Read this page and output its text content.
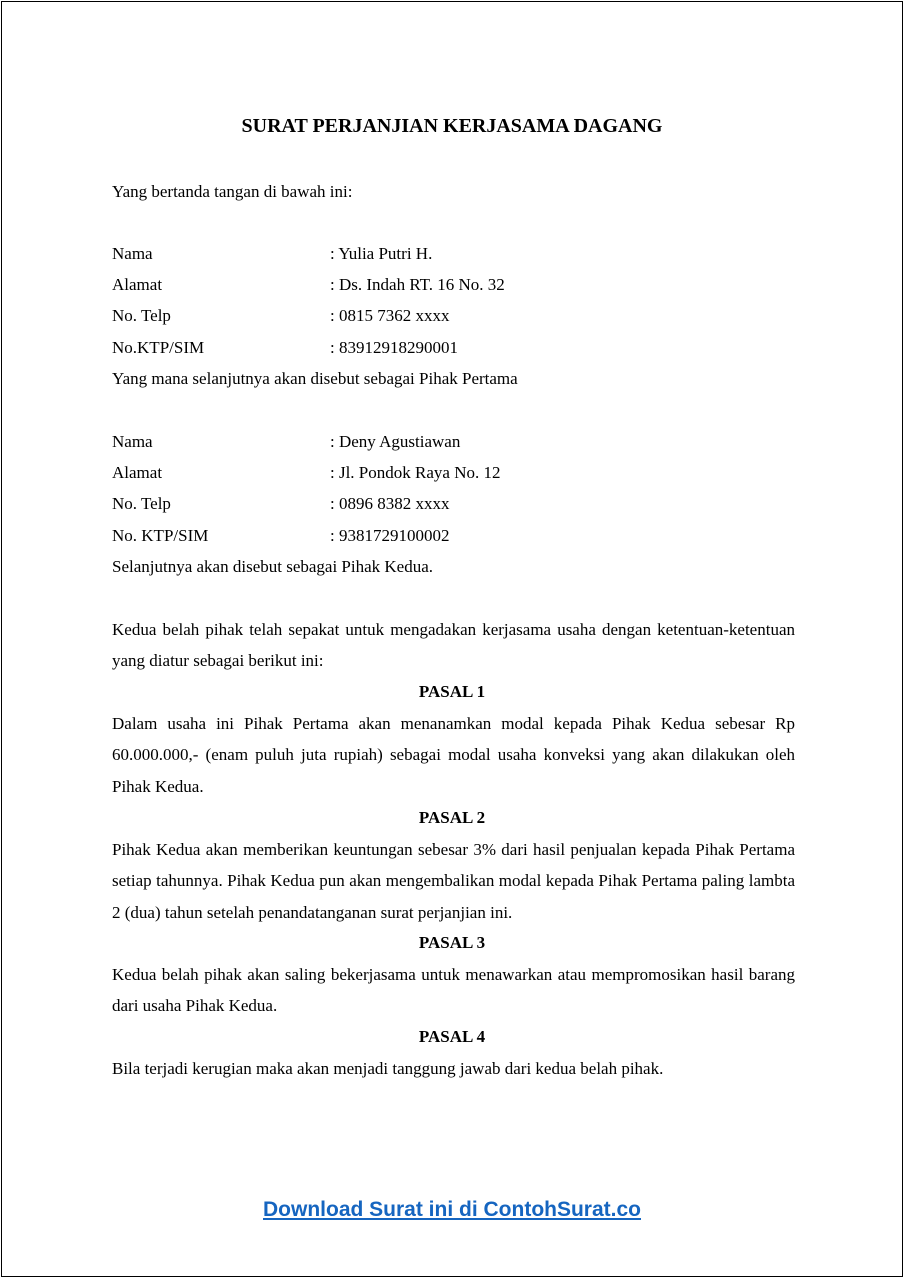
SURAT PERJANJIAN KERJASAMA DAGANG
Yang bertanda tangan di bawah ini:
Nama	: Yulia Putri H.
Alamat	: Ds. Indah RT. 16 No. 32
No. Telp	: 0815 7362 xxxx
No.KTP/SIM	: 83912918290001
Yang mana selanjutnya akan disebut sebagai Pihak Pertama
Nama	: Deny Agustiawan
Alamat	: Jl. Pondok Raya No. 12
No. Telp	: 0896 8382 xxxx
No. KTP/SIM	: 9381729100002
Selanjutnya akan disebut sebagai Pihak Kedua.
Kedua belah pihak telah sepakat untuk mengadakan kerjasama usaha dengan ketentuan-ketentuan yang diatur sebagai berikut ini:
PASAL 1
Dalam usaha ini Pihak Pertama akan menanamkan modal kepada Pihak Kedua sebesar Rp 60.000.000,- (enam puluh juta rupiah) sebagai modal usaha konveksi yang akan dilakukan oleh Pihak Kedua.
PASAL 2
Pihak Kedua akan memberikan keuntungan sebesar 3% dari hasil penjualan kepada Pihak Pertama setiap tahunnya. Pihak Kedua pun akan mengembalikan modal kepada Pihak Pertama paling lambta 2 (dua) tahun setelah penandatanganan surat perjanjian ini.
PASAL 3
Kedua belah pihak akan saling bekerjasama untuk menawarkan atau mempromosikan hasil barang dari usaha Pihak Kedua.
PASAL 4
Bila terjadi kerugian maka akan menjadi tanggung jawab dari kedua belah pihak.
Download Surat ini di ContohSurat.co
